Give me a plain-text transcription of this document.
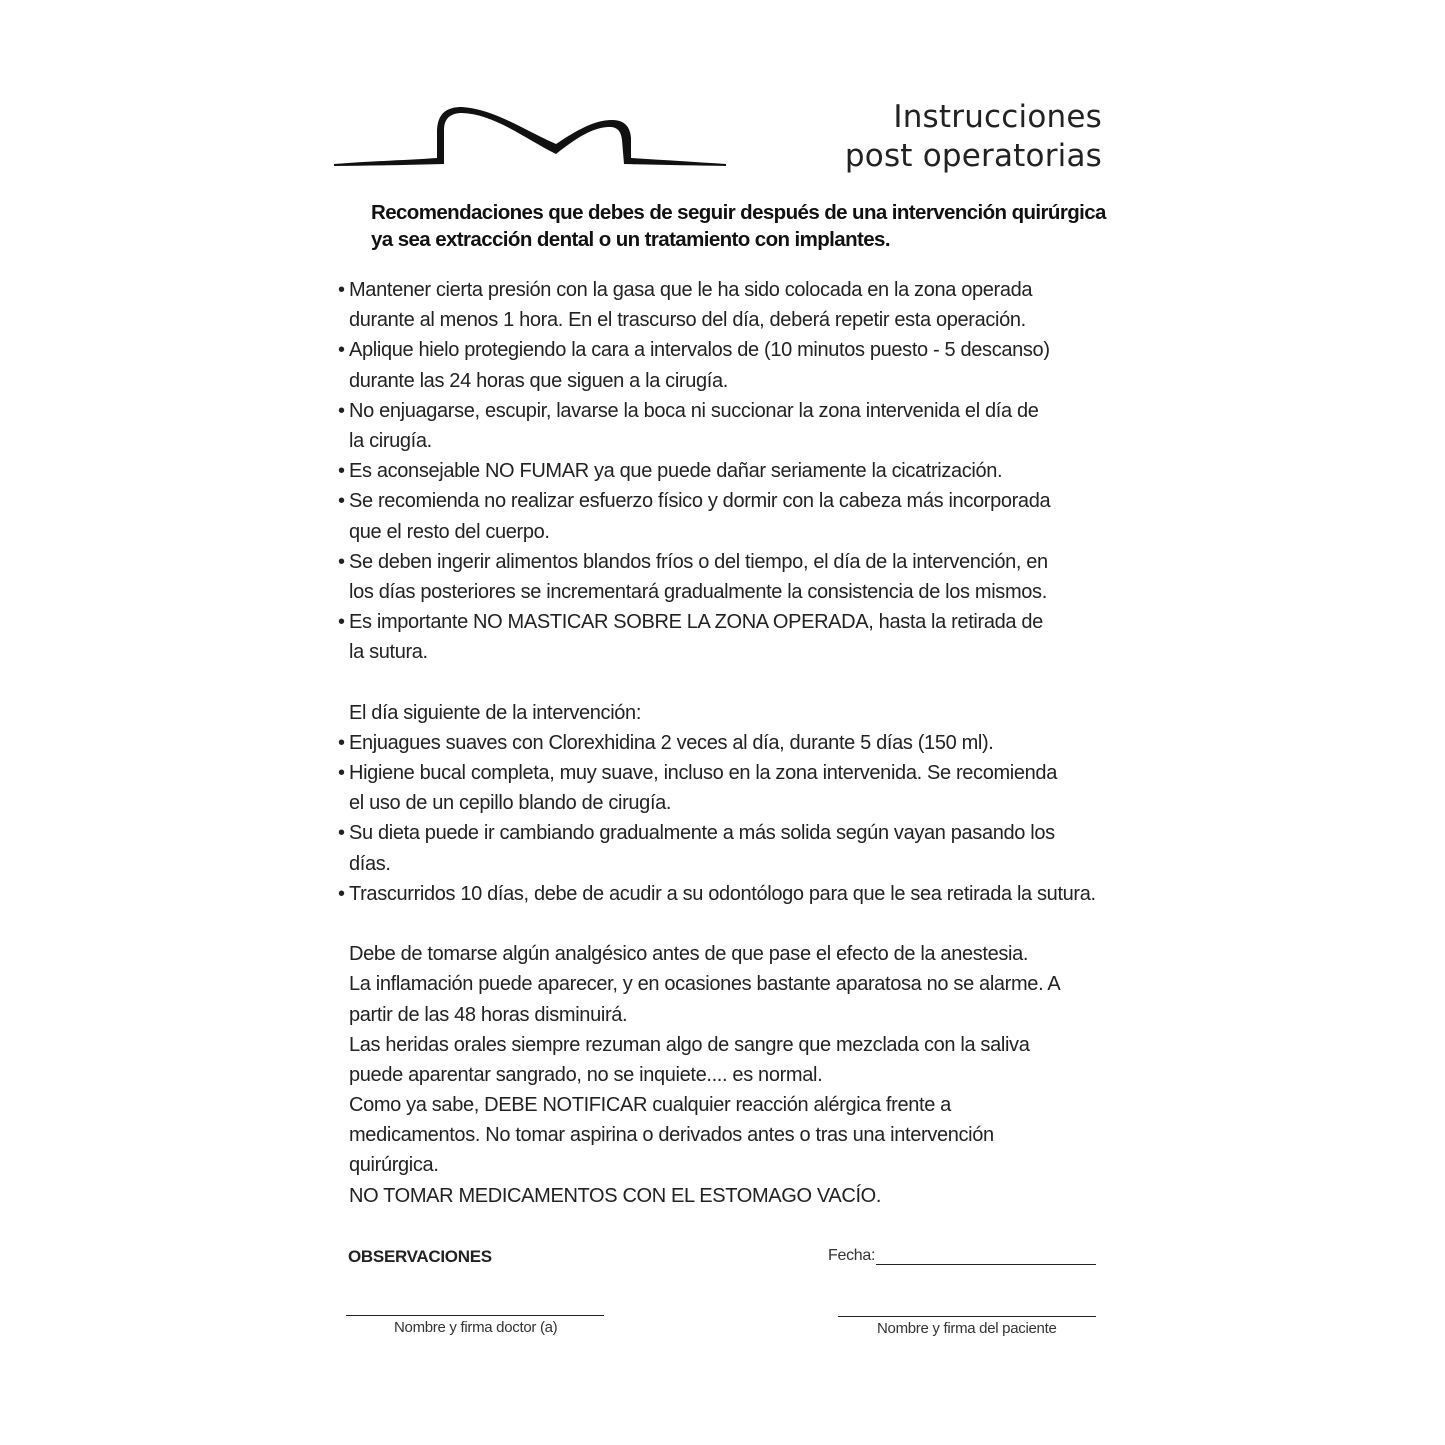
Instrucciones
post operatorias
Recomendaciones que debes de seguir después de una intervención quirúrgica
ya sea extracción dental o un tratamiento con implantes.
• Mantener cierta presión con la gasa que le ha sido colocada en la zona operada
durante al menos 1 hora. En el trascurso del día, deberá repetir esta operación.
• Aplique hielo protegiendo la cara a intervalos de (10 minutos puesto - 5 descanso)
durante las 24 horas que siguen a la cirugía.
• No enjuagarse, escupir, lavarse la boca ni succionar la zona intervenida el día de
la cirugía.
• Es aconsejable NO FUMAR ya que puede dañar seriamente la cicatrización.
• Se recomienda no realizar esfuerzo físico y dormir con la cabeza más incorporada
que el resto del cuerpo.
• Se deben ingerir alimentos blandos fríos o del tiempo, el día de la intervención, en
los días posteriores se incrementará gradualmente la consistencia de los mismos.
• Es importante NO MASTICAR SOBRE LA ZONA OPERADA, hasta la retirada de
la sutura.
El día siguiente de la intervención:
• Enjuagues suaves con Clorexhidina 2 veces al día, durante 5 días (150 ml).
• Higiene bucal completa, muy suave, incluso en la zona intervenida. Se recomienda
el uso de un cepillo blando de cirugía.
• Su dieta puede ir cambiando gradualmente a más solida según vayan pasando los
días.
• Trascurridos 10 días, debe de acudir a su odontólogo para que le sea retirada la sutura.
Debe de tomarse algún analgésico antes de que pase el efecto de la anestesia.
La inflamación puede aparecer, y en ocasiones bastante aparatosa no se alarme. A
partir de las 48 horas disminuirá.
Las heridas orales siempre rezuman algo de sangre que mezclada con la saliva
puede aparentar sangrado, no se inquiete.... es normal.
Como ya sabe, DEBE NOTIFICAR cualquier reacción alérgica frente a
medicamentos. No tomar aspirina o derivados antes o tras una intervención
quirúrgica.
NO TOMAR MEDICAMENTOS CON EL ESTOMAGO VACÍO.
OBSERVACIONES	Fecha:
Nombre y firma doctor (a)	Nombre y firma del paciente
